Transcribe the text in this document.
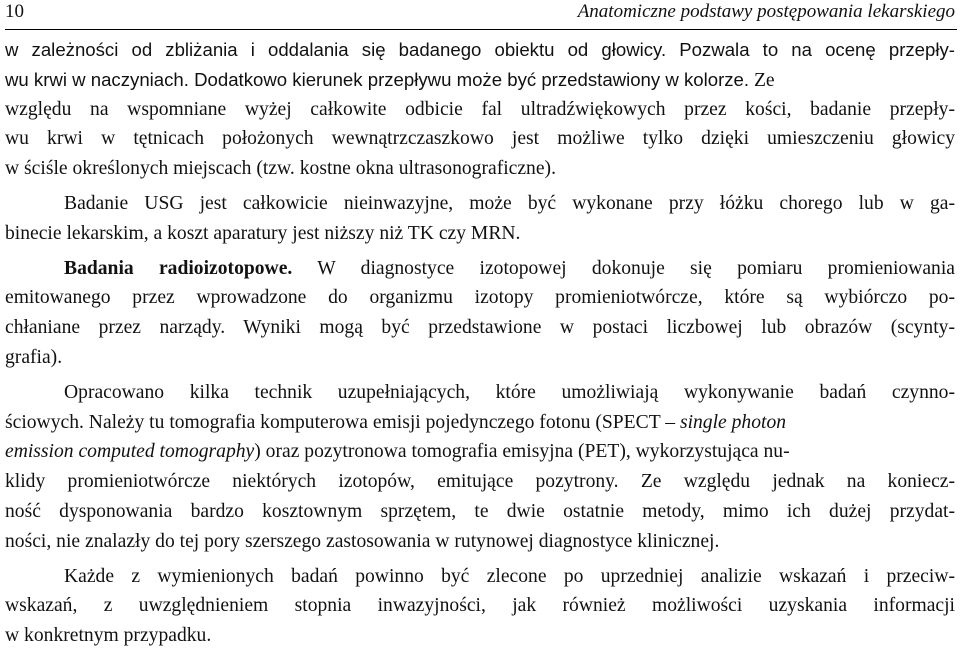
10	Anatomiczne podstawy postępowania lekarskiego
w zależności od zbliżania i oddalania się badanego obiektu od głowicy. Pozwala to na ocenę przepły-
wu krwi w naczyniach. Dodatkowo kierunek przepływu może być przedstawiony w kolorze. Ze
względu na wspomniane wyżej całkowite odbicie fal ultradźwiękowych przez kości, badanie przepły-
wu krwi w tętnicach położonych wewnątrzczaszkowo jest możliwe tylko dzięki umieszczeniu głowicy
w ściśle określonych miejscach (tzw. kostne okna ultrasonograficzne).
Badanie USG jest całkowicie nieinwazyjne, może być wykonane przy łóżku chorego lub w ga-
binecie lekarskim, a koszt aparatury jest niższy niż TK czy MRN.
Badania radioizotopowe. W diagnostyce izotopowej dokonuje się pomiaru promieniowania
emitowanego przez wprowadzone do organizmu izotopy promieniotwórcze, które są wybiórczo po-
chłaniane przez narządy. Wyniki mogą być przedstawione w postaci liczbowej lub obrazów (scynty-
grafia).
Opracowano kilka technik uzupełniających, które umożliwiają wykonywanie badań czynno-
ściowych. Należy tu tomografia komputerowa emisji pojedynczego fotonu (SPECT – single photon
emission computed tomography) oraz pozytronowa tomografia emisyjna (PET), wykorzystująca nu-
klidy promieniotwórcze niektórych izotopów, emitujące pozytrony. Ze względu jednak na koniecz-
ność dysponowania bardzo kosztownym sprzętem, te dwie ostatnie metody, mimo ich dużej przydat-
ności, nie znalazły do tej pory szerszego zastosowania w rutynowej diagnostyce klinicznej.
Każde z wymienionych badań powinno być zlecone po uprzedniej analizie wskazań i przeciw-
wskazań, z uwzględnieniem stopnia inwazyjności, jak również możliwości uzyskania informacji
w konkretnym przypadku.
